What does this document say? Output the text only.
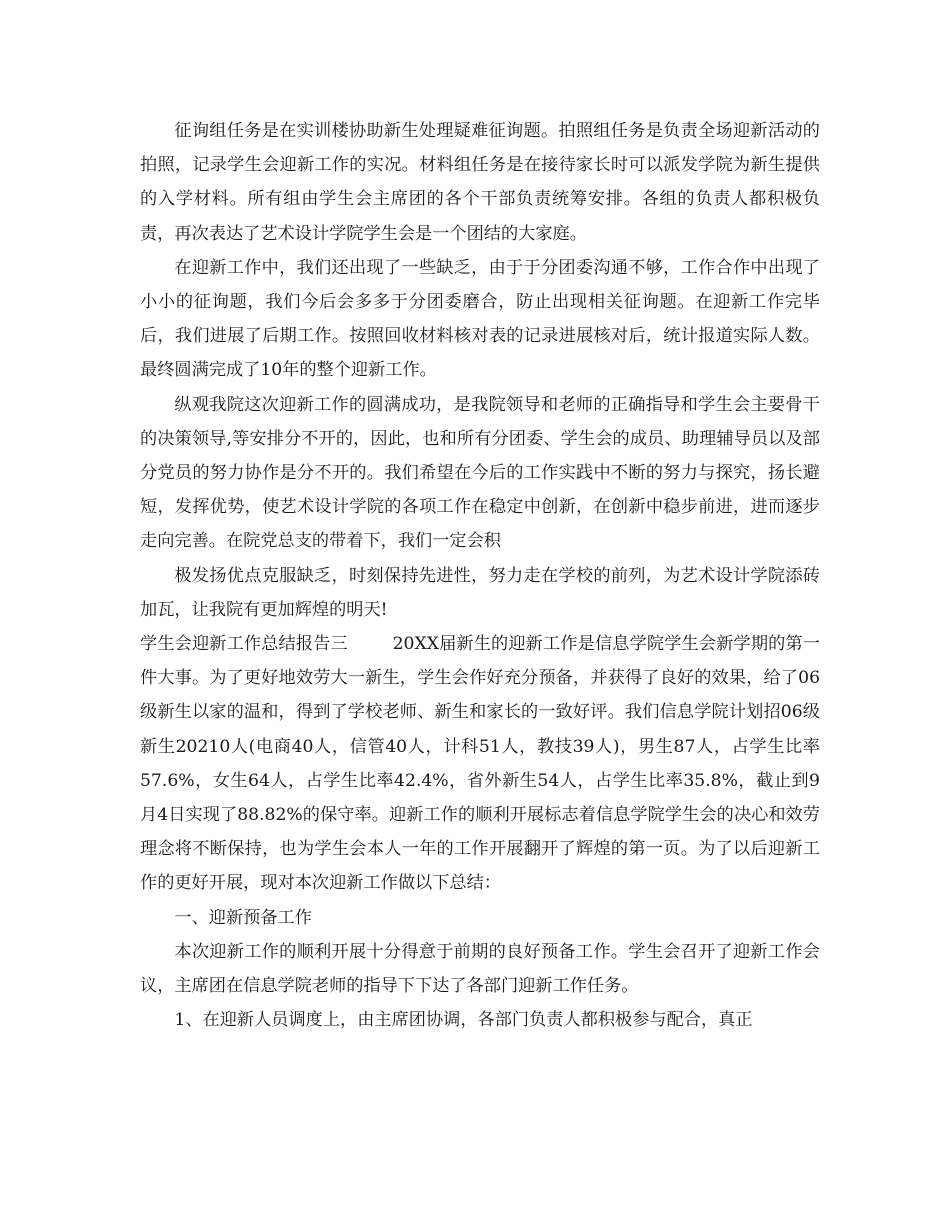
征询组任务是在实训楼协助新生处理疑难征询题。拍照组任务是负责全场迎新活动的拍照，记录学生会迎新工作的实况。材料组任务是在接待家长时可以派发学院为新生提供的入学材料。所有组由学生会主席团的各个干部负责统筹安排。各组的负责人都积极负责，再次表达了艺术设计学院学生会是一个团结的大家庭。

在迎新工作中，我们还出现了一些缺乏，由于于分团委沟通不够，工作合作中出现了小小的征询题，我们今后会多多于分团委磨合，防止出现相关征询题。在迎新工作完毕后，我们进展了后期工作。按照回收材料核对表的记录进展核对后，统计报道实际人数。最终圆满完成了10年的整个迎新工作。

纵观我院这次迎新工作的圆满成功，是我院领导和老师的正确指导和学生会主要骨干的决策领导,等安排分不开的，因此，也和所有分团委、学生会的成员、助理辅导员以及部分党员的努力协作是分不开的。我们希望在今后的工作实践中不断的努力与探究，扬长避短，发挥优势，使艺术设计学院的各项工作在稳定中创新，在创新中稳步前进，进而逐步走向完善。在院党总支的带着下，我们一定会积

极发扬优点克服缺乏，时刻保持先进性，努力走在学校的前列，为艺术设计学院添砖加瓦，让我院有更加辉煌的明天!

学生会迎新工作总结报告三	20XX届新生的迎新工作是信息学院学生会新学期的第一件大事。为了更好地效劳大一新生，学生会作好充分预备，并获得了良好的效果，给了06级新生以家的温和，得到了学校老师、新生和家长的一致好评。我们信息学院计划招06级新生20210人(电商40人，信管40人，计科51人，教技39人)，男生87人，占学生比率57.6%，女生64人，占学生比率42.4%，省外新生54人，占学生比率35.8%，截止到9月4日实现了88.82%的保守率。迎新工作的顺利开展标志着信息学院学生会的决心和效劳理念将不断保持，也为学生会本人一年的工作开展翻开了辉煌的第一页。为了以后迎新工作的更好开展，现对本次迎新工作做以下总结：

一、迎新预备工作

本次迎新工作的顺利开展十分得意于前期的良好预备工作。学生会召开了迎新工作会议，主席团在信息学院老师的指导下下达了各部门迎新工作任务。

1、在迎新人员调度上，由主席团协调，各部门负责人都积极参与配合，真正
